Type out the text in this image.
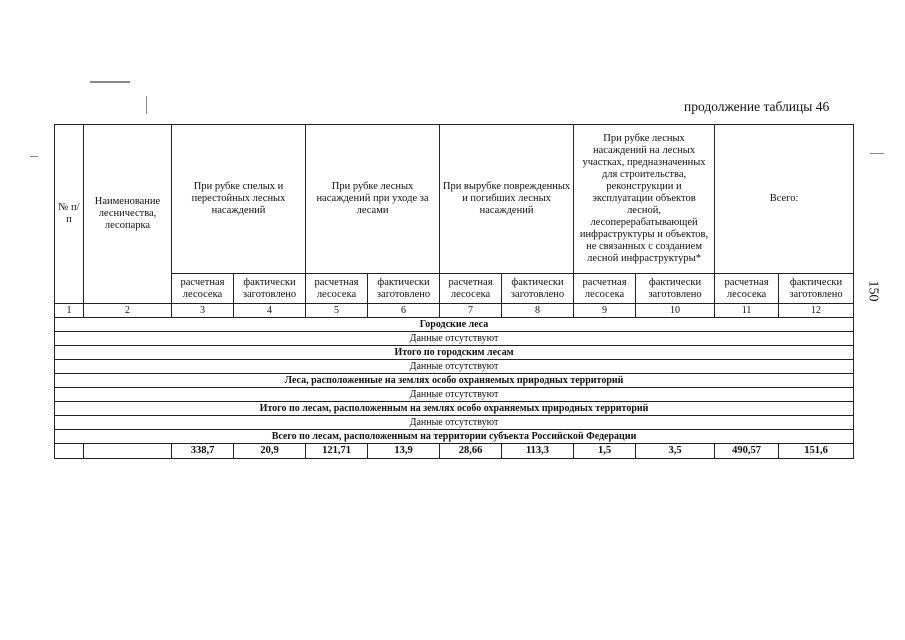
продолжение таблицы 46
150
№ п/п	Наименование лесничества, лесопарка	При рубке спелых и перестойных лесных насаждений		При рубке лесных насаждений при уходе за лесами		При вырубке поврежденных и погибших лесных насаждений		При рубке лесных насаждений на лесных участках, предназначенных для строительства, реконструкции и эксплуатации объектов лесной, лесоперерабатывающей инфраструктуры и объектов, не связанных с созданием лесной инфраструктуры*		Всего:	
		расчетная лесосека	фактически заготовлено	расчетная лесосека	фактически заготовлено	расчетная лесосека	фактически заготовлено	расчетная лесосека	фактически заготовлено	расчетная лесосека	фактически заготовлено
1	2	3	4	5	6	7	8	9	10	11	12
Городские леса											
Данные отсутствуют											
Итого по городским лесам											
Данные отсутствуют											
Леса, расположенные на землях особо охраняемых природных территорий											
Данные отсутствуют											
Итого по лесам, расположенным на землях особо охраняемых природных территорий											
Данные отсутствуют											
Всего по лесам, расположенным на территории субъекта Российской Федерации											
		338,7	20,9	121,71	13,9	28,66	113,3	1,5	3,5	490,57	151,6
